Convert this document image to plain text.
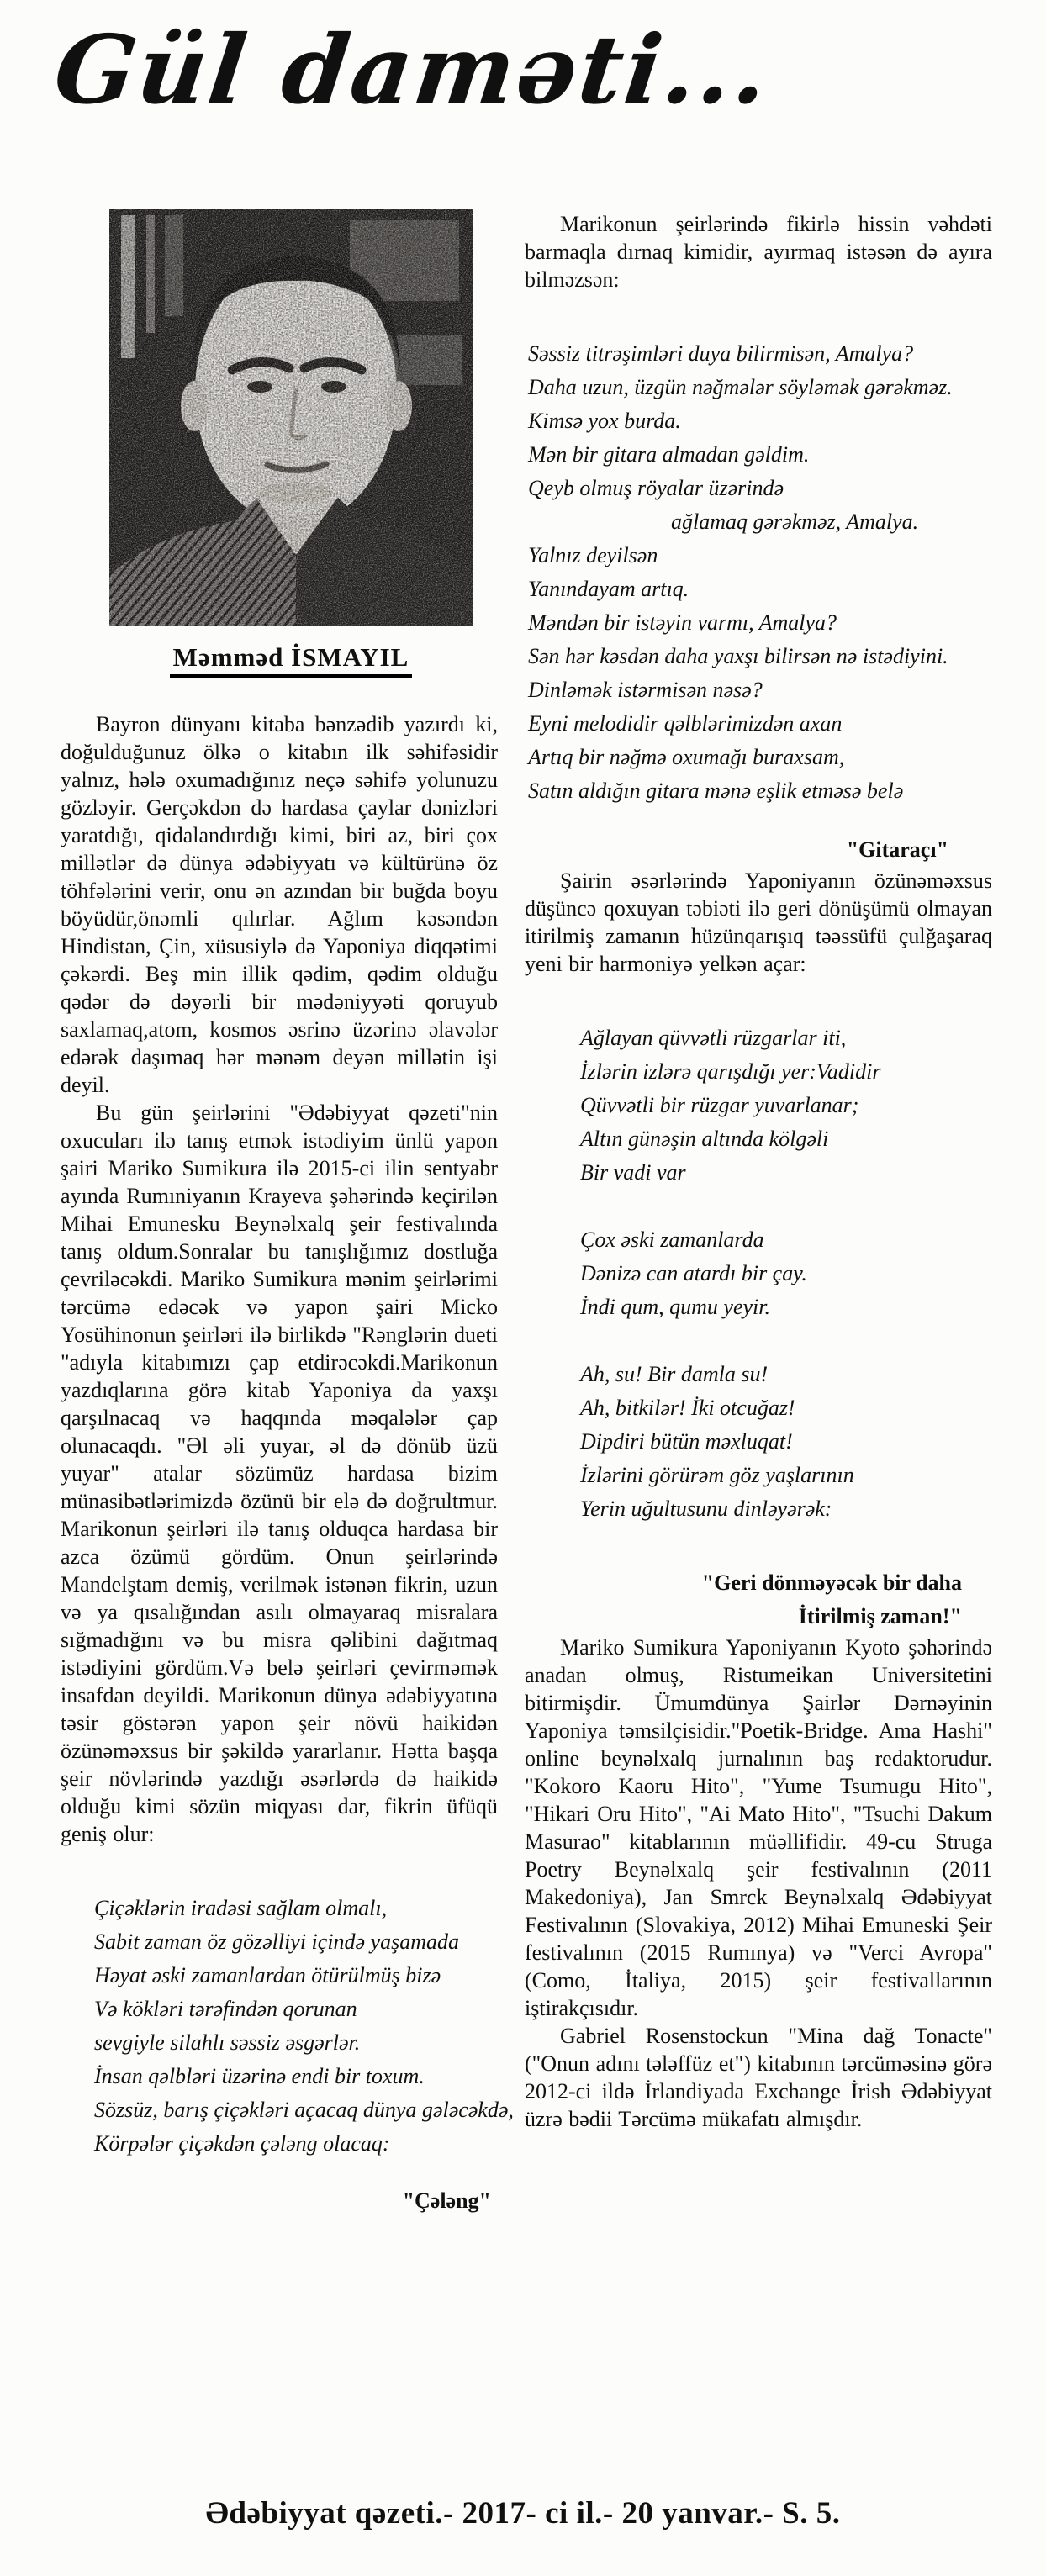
Gül daməti...
Məmməd İSMAYIL

Bayron dünyanı kitaba bənzədib yazırdı ki, doğulduğunuz ölkə o kitabın ilk səhifəsidir yalnız, hələ oxumadığınız neçə səhifə yolunuzu gözləyir. Gerçəkdən də hardasa çaylar dənizləri yaratdığı, qidalandırdığı kimi, biri az, biri çox millətlər də dünya ədəbiyyatı və kültürünə öz töhfələrini verir, onu ən azından bir buğda boyu böyüdür,önəmli qılırlar. Ağlım kəsəndən Hindistan, Çin, xüsusiylə də Yaponiya diqqətimi çəkərdi. Beş min illik qədim, qədim olduğu qədər də dəyərli bir mədəniyyəti qoruyub saxlamaq,atom, kosmos əsrinə üzərinə əlavələr edərək daşımaq hər mənəm deyən millətin işi deyil.

Bu gün şeirlərini "Ədəbiyyat qəzeti"nin oxucuları ilə tanış etmək istədiyim ünlü yapon şairi Mariko Sumikura ilə 2015-ci ilin sentyabr ayında Rumıniyanın Krayeva şəhərində keçirilən Mihai Emunesku Beynəlxalq şeir festivalında tanış oldum.Sonralar bu tanışlığımız dostluğa çevriləcəkdi. Mariko Sumikura mənim şeirlərimi tərcümə edəcək və yapon şairi Micko Yosühinonun şeirləri ilə birlikdə "Rənglərin dueti "adıyla kitabımızı çap etdirəcəkdi.Marikonun yazdıqlarına görə kitab Yaponiya da yaxşı qarşılnacaq və haqqında məqalələr çap olunacaqdı. "Əl əli yuyar, əl də dönüb üzü yuyar" atalar sözümüz hardasa bizim münasibətlərimizdə özünü bir elə də doğrultmur. Marikonun şeirləri ilə tanış olduqca hardasa bir azca özümü gördüm. Onun şeirlərində Mandelştam demiş, verilmək istənən fikrin, uzun və ya qısalığından asılı olmayaraq misralara sığmadığını və bu misra qəlibini dağıtmaq istədiyini gördüm.Və belə şeirləri çevirməmək insafdan deyildi. Marikonun dünya ədəbiyyatına təsir göstərən yapon şeir növü haikidən özünəməxsus bir şəkildə yararlanır. Hətta başqa şeir növlərində yazdığı əsərlərdə də haikidə olduğu kimi sözün miqyası dar, fikrin üfüqü geniş olur:

Çiçəklərin iradəsi sağlam olmalı,
Sabit zaman öz gözəlliyi içində yaşamada
Həyat əski zamanlardan ötürülmüş bizə
Və kökləri tərəfindən qorunan
sevgiyle silahlı səssiz əsgərlər.
İnsan qəlbləri üzərinə endi bir toxum.
Sözsüz, barış çiçəkləri açacaq dünya gələcəkdə,
Körpələr çiçəkdən çələng olacaq:
"Çələng"

Marikonun şeirlərində fikirlə hissin vəhdəti barmaqla dırnaq kimidir, ayırmaq istəsən də ayıra bilməzsən:

Səssiz titrəşimləri duya bilirmisən, Amalya?
Daha uzun, üzgün nəğmələr söyləmək gərəkməz.
Kimsə yox burda.
Mən bir gitara almadan gəldim.
Qeyb olmuş röyalar üzərində
ağlamaq gərəkməz, Amalya.
Yalnız deyilsən
Yanındayam artıq.
Məndən bir istəyin varmı, Amalya?
Sən hər kəsdən daha yaxşı bilirsən nə istədiyini.
Dinləmək istərmisən nəsə?
Eyni melodidir qəlblərimizdən axan
Artıq bir nəğmə oxumağı buraxsam,
Satın aldığın gitara mənə eşlik etməsə belə
"Gitaraçı"

Şairin əsərlərində Yaponiyanın özünəməxsus düşüncə qoxuyan təbiəti ilə geri dönüşümü olmayan itirilmiş zamanın hüzünqarışıq təəssüfü çulğaşaraq yeni bir harmoniyə yelkən açar:

Ağlayan qüvvətli rüzgarlar iti,
İzlərin izlərə qarışdığı yer:Vadidir
Qüvvətli bir rüzgar yuvarlanar;
Altın günəşin altında kölgəli
Bir vadi var
Çox əski zamanlarda
Dənizə can atardı bir çay.
İndi qum, qumu yeyir.
Ah, su! Bir damla su!
Ah, bitkilər! İki otcuğaz!
Dipdiri bütün məxluqat!
İzlərini görürəm göz yaşlarının
Yerin uğultusunu dinləyərək:
"Geri dönməyəcək bir daha
İtirilmiş zaman!"

Mariko Sumikura Yaponiyanın Kyoto şəhərində anadan olmuş, Ristumeikan Universitetini bitirmişdir. Ümumdünya Şairlər Dərnəyinin Yaponiya təmsilçisidir."Poetik-Bridge. Ama Hashi" online beynəlxalq jurnalının baş redaktorudur. "Kokoro Kaoru Hito", "Yume Tsumugu Hito", "Hikari Oru Hito", "Ai Mato Hito", "Tsuchi Dakum Masurao" kitablarının müəllifidir. 49-cu Struga Poetry Beynəlxalq şeir festivalının (2011 Makedoniya), Jan Smrck Beynəlxalq Ədəbiyyat Festivalının (Slovakiya, 2012) Mihai Emuneski Şeir festivalının (2015 Rumınya) və "Verci Avropa" (Como, İtaliya, 2015) şeir festivallarının iştirakçısıdır.

Gabriel Rosenstockun "Mina dağ Tonacte" ("Onun adını tələffüz et") kitabının tərcüməsinə görə 2012-ci ildə İrlandiyada Exchange İrish Ədəbiyyat üzrə bədii Tərcümə mükafatı almışdır.

Ədəbiyyat qəzeti.- 2017- ci il.- 20 yanvar.- S. 5.
